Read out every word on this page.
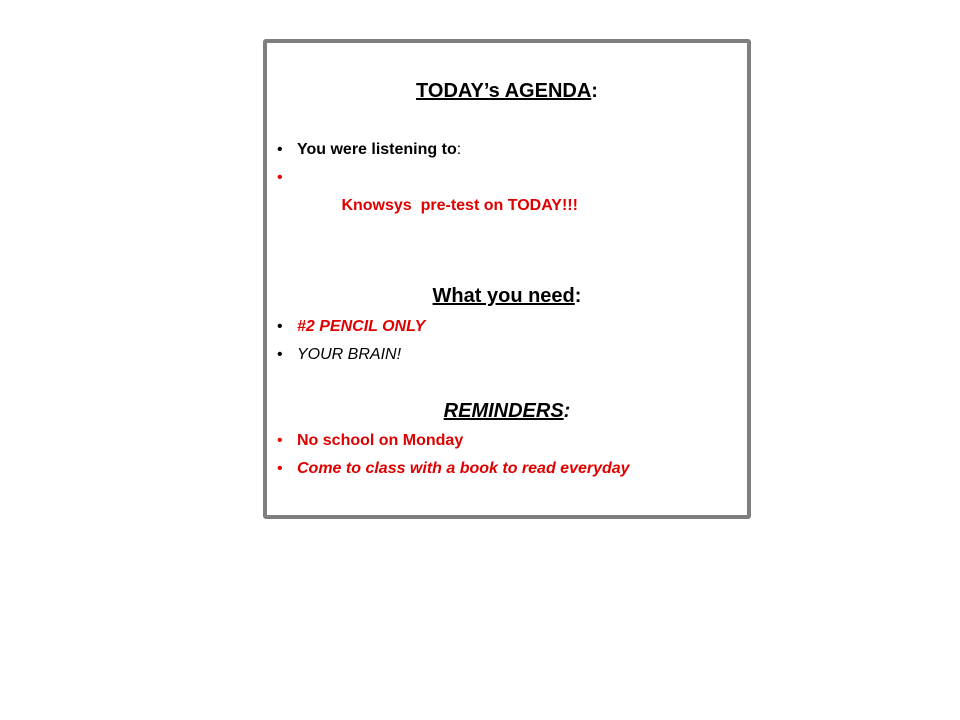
TODAY’s AGENDA:
• You were listening to:

•
Knowsys  pre-test on TODAY!!!

What you need:
• #2 PENCIL ONLY
• YOUR BRAIN!
REMINDERS:
• No school on Monday
• Come to class with a book to read everyday
